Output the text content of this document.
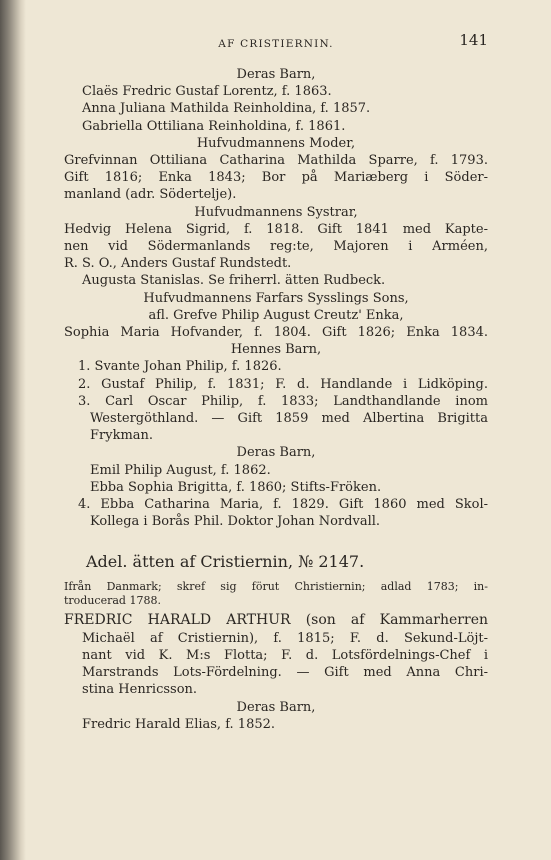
AF CRISTIERNIN.	141
Deras Barn,
Claës Fredric Gustaf Lorentz, f. 1863.
Anna Juliana Mathilda Reinholdina, f. 1857.
Gabriella Ottiliana Reinholdina, f. 1861.
Hufvudmannens Moder,
Grefvinnan Ottiliana Catharina Mathilda Sparre, f. 1793.
Gift 1816; Enka 1843; Bor på Mariæberg i Söder-
manland (adr. Södertelje).
Hufvudmannens Systrar,
Hedvig Helena Sigrid, f. 1818. Gift 1841 med Kapte-
nen vid Södermanlands reg:te, Majoren i Arméen,
R. S. O., Anders Gustaf Rundstedt.
Augusta Stanislas. Se friherrl. ätten Rudbeck.
Hufvudmannens Farfars Sysslings Sons,
afl. Grefve Philip August Creutz' Enka,
Sophia Maria Hofvander, f. 1804. Gift 1826; Enka 1834.
Hennes Barn,
1. Svante Johan Philip, f. 1826.
2. Gustaf Philip, f. 1831; F. d. Handlande i Lidköping.
3. Carl Oscar Philip, f. 1833; Landthandlande inom
Westergöthland. — Gift 1859 med Albertina Brigitta
Frykman.
Deras Barn,
Emil Philip August, f. 1862.
Ebba Sophia Brigitta, f. 1860; Stifts-Fröken.
4. Ebba Catharina Maria, f. 1829. Gift 1860 med Skol-
Kollega i Borås Phil. Doktor Johan Nordvall.
Adel. ätten af Cristiernin, № 2147.
Ifrån Danmark; skref sig förut Christiernin; adlad 1783; in-
troducerad 1788.
FREDRIC HARALD ARTHUR (son af Kammarherren
Michaël af Cristiernin), f. 1815; F. d. Sekund-Löjt-
nant vid K. M:s Flotta; F. d. Lotsfördelnings-Chef i
Marstrands Lots-Fördelning. — Gift med Anna Chri-
stina Henricsson.
Deras Barn,
Fredric Harald Elias, f. 1852.
